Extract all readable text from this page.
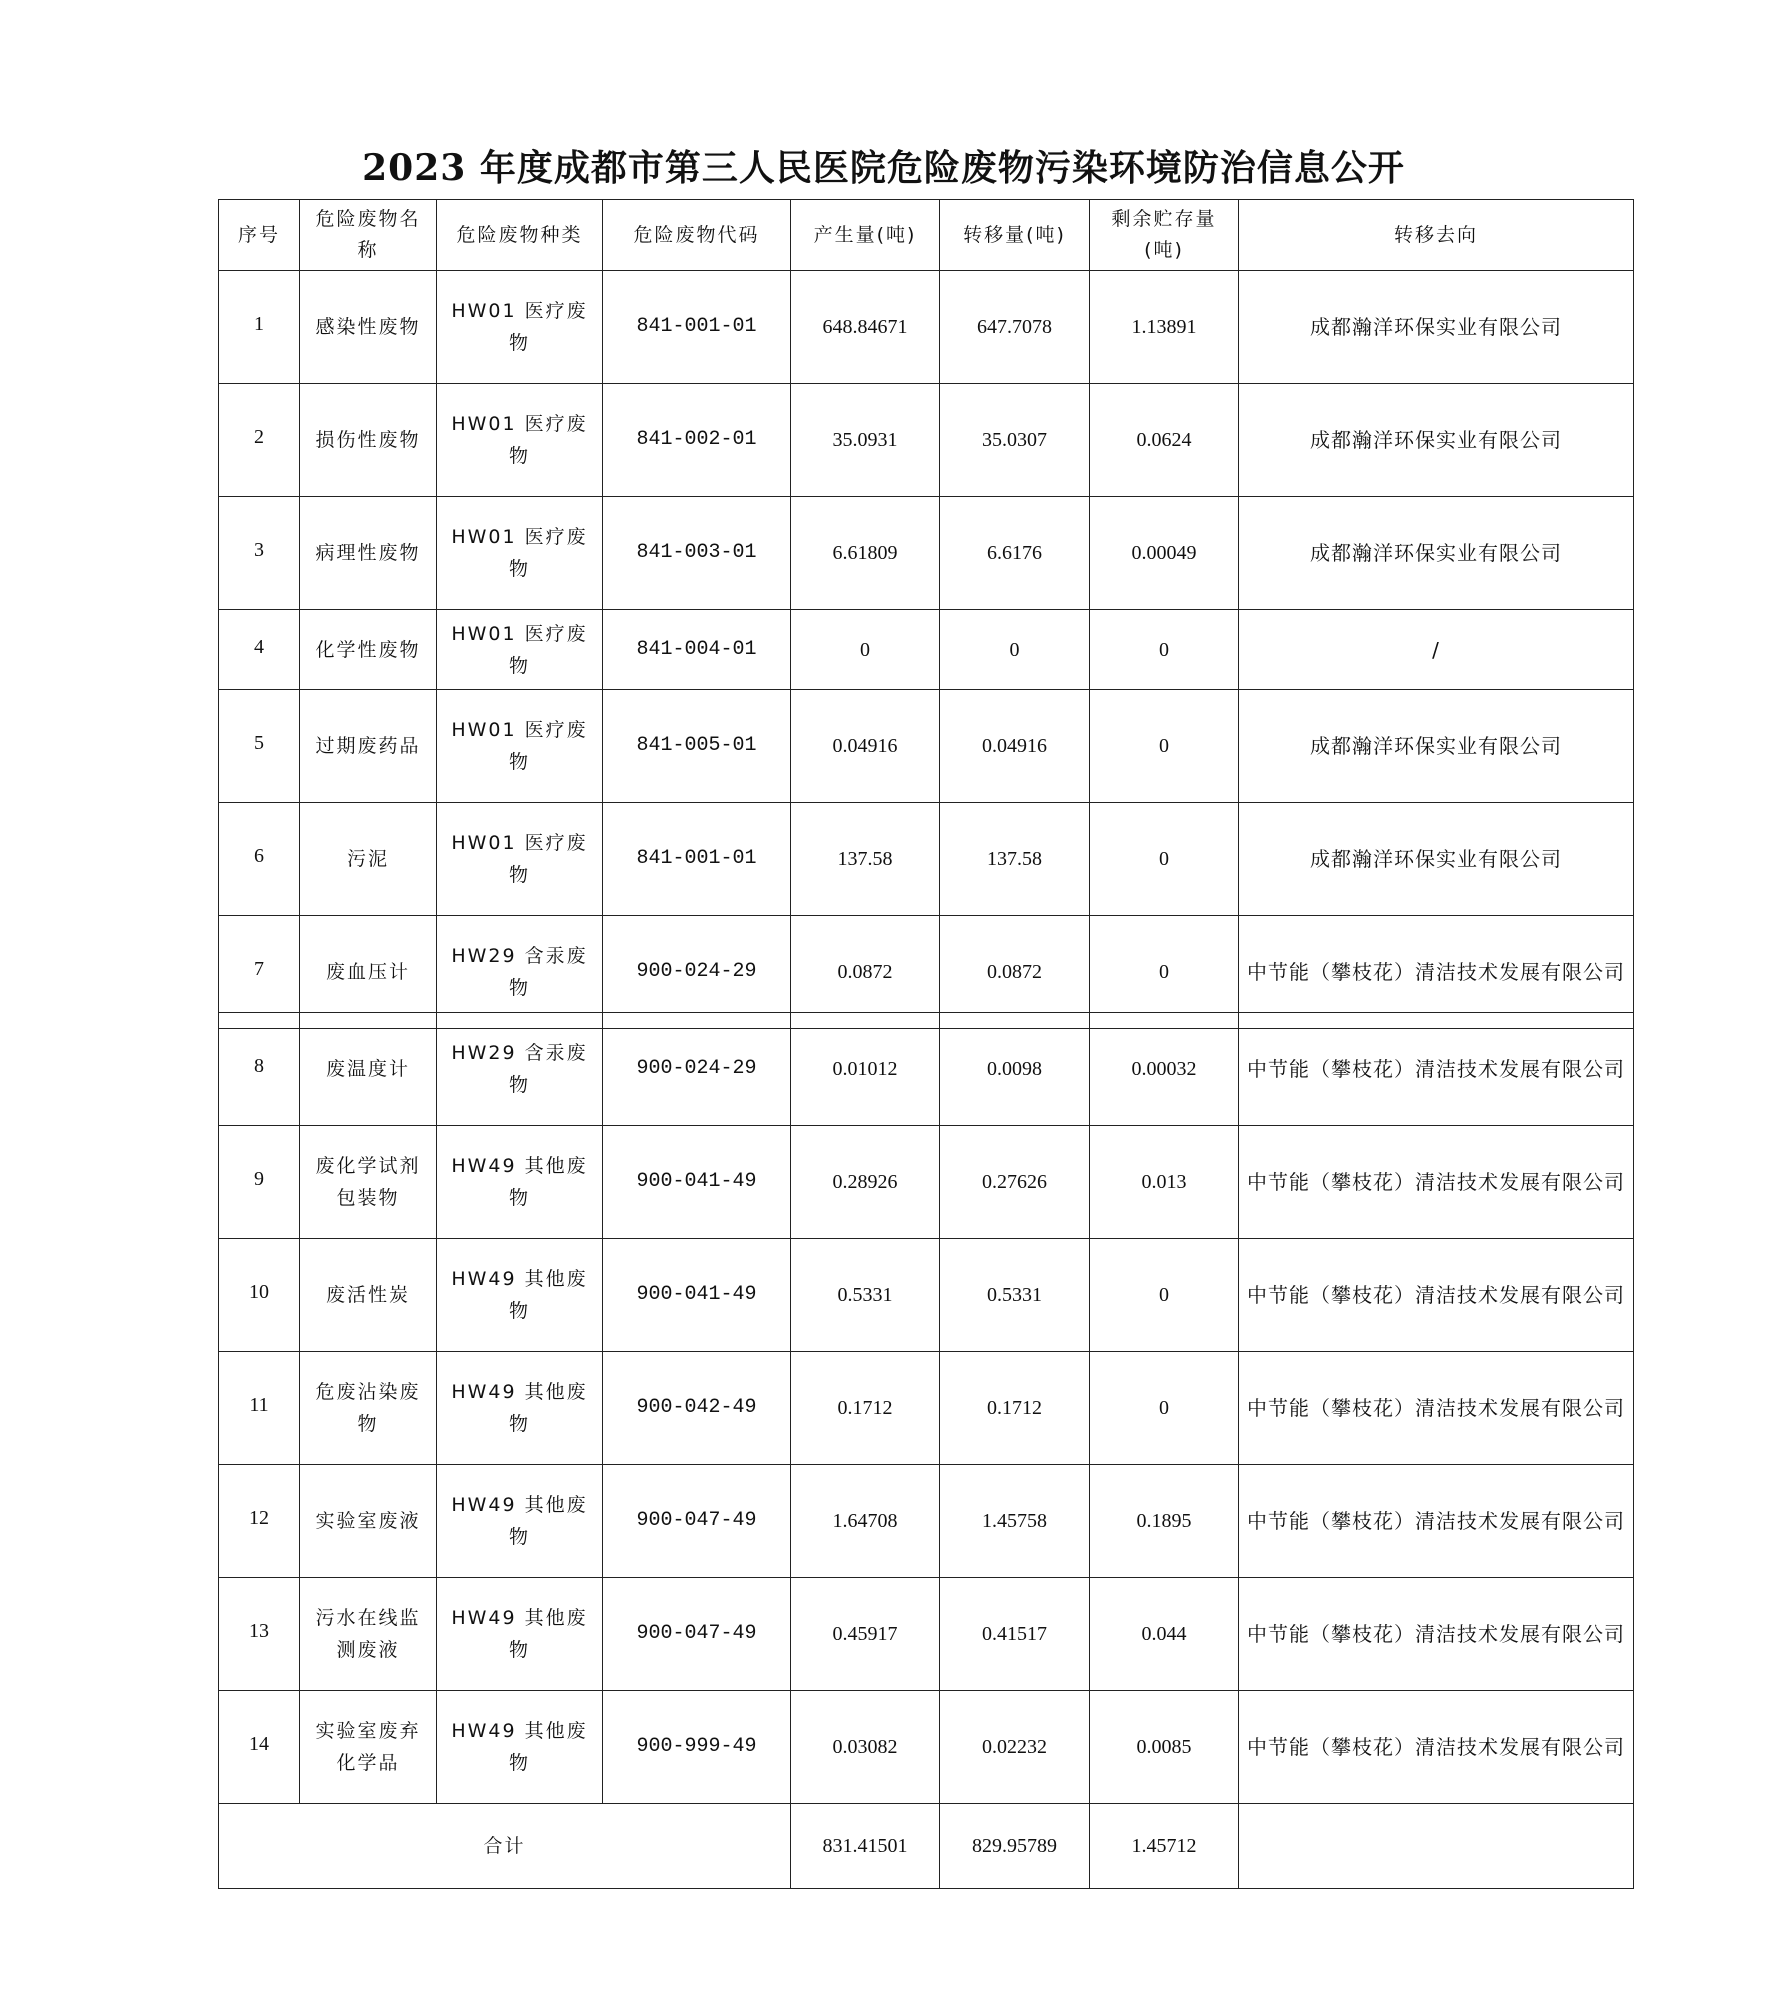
2023 年度成都市第三人民医院危险废物污染环境防治信息公开
序号	危险废物名称	危险废物种类	危险废物代码	产生量(吨)	转移量(吨)	剩余贮存量(吨)	转移去向
1	感染性废物	HW01 医疗废物	841-001-01	648.84671	647.7078	1.13891	成都瀚洋环保实业有限公司
2	损伤性废物	HW01 医疗废物	841-002-01	35.0931	35.0307	0.0624	成都瀚洋环保实业有限公司
3	病理性废物	HW01 医疗废物	841-003-01	6.61809	6.6176	0.00049	成都瀚洋环保实业有限公司
4	化学性废物	HW01 医疗废物	841-004-01	0	0	0	/
5	过期废药品	HW01 医疗废物	841-005-01	0.04916	0.04916	0	成都瀚洋环保实业有限公司
6	污泥	HW01 医疗废物	841-001-01	137.58	137.58	0	成都瀚洋环保实业有限公司
7	废血压计	HW29 含汞废物	900-024-29	0.0872	0.0872	0	中节能（攀枝花）清洁技术发展有限公司
8	废温度计	HW29 含汞废物	900-024-29	0.01012	0.0098	0.00032	中节能（攀枝花）清洁技术发展有限公司
9	废化学试剂包装物	HW49 其他废物	900-041-49	0.28926	0.27626	0.013	中节能（攀枝花）清洁技术发展有限公司
10	废活性炭	HW49 其他废物	900-041-49	0.5331	0.5331	0	中节能（攀枝花）清洁技术发展有限公司
11	危废沾染废物	HW49 其他废物	900-042-49	0.1712	0.1712	0	中节能（攀枝花）清洁技术发展有限公司
12	实验室废液	HW49 其他废物	900-047-49	1.64708	1.45758	0.1895	中节能（攀枝花）清洁技术发展有限公司
13	污水在线监测废液	HW49 其他废物	900-047-49	0.45917	0.41517	0.044	中节能（攀枝花）清洁技术发展有限公司
14	实验室废弃化学品	HW49 其他废物	900-999-49	0.03082	0.02232	0.0085	中节能（攀枝花）清洁技术发展有限公司
合计				831.41501	829.95789	1.45712	
